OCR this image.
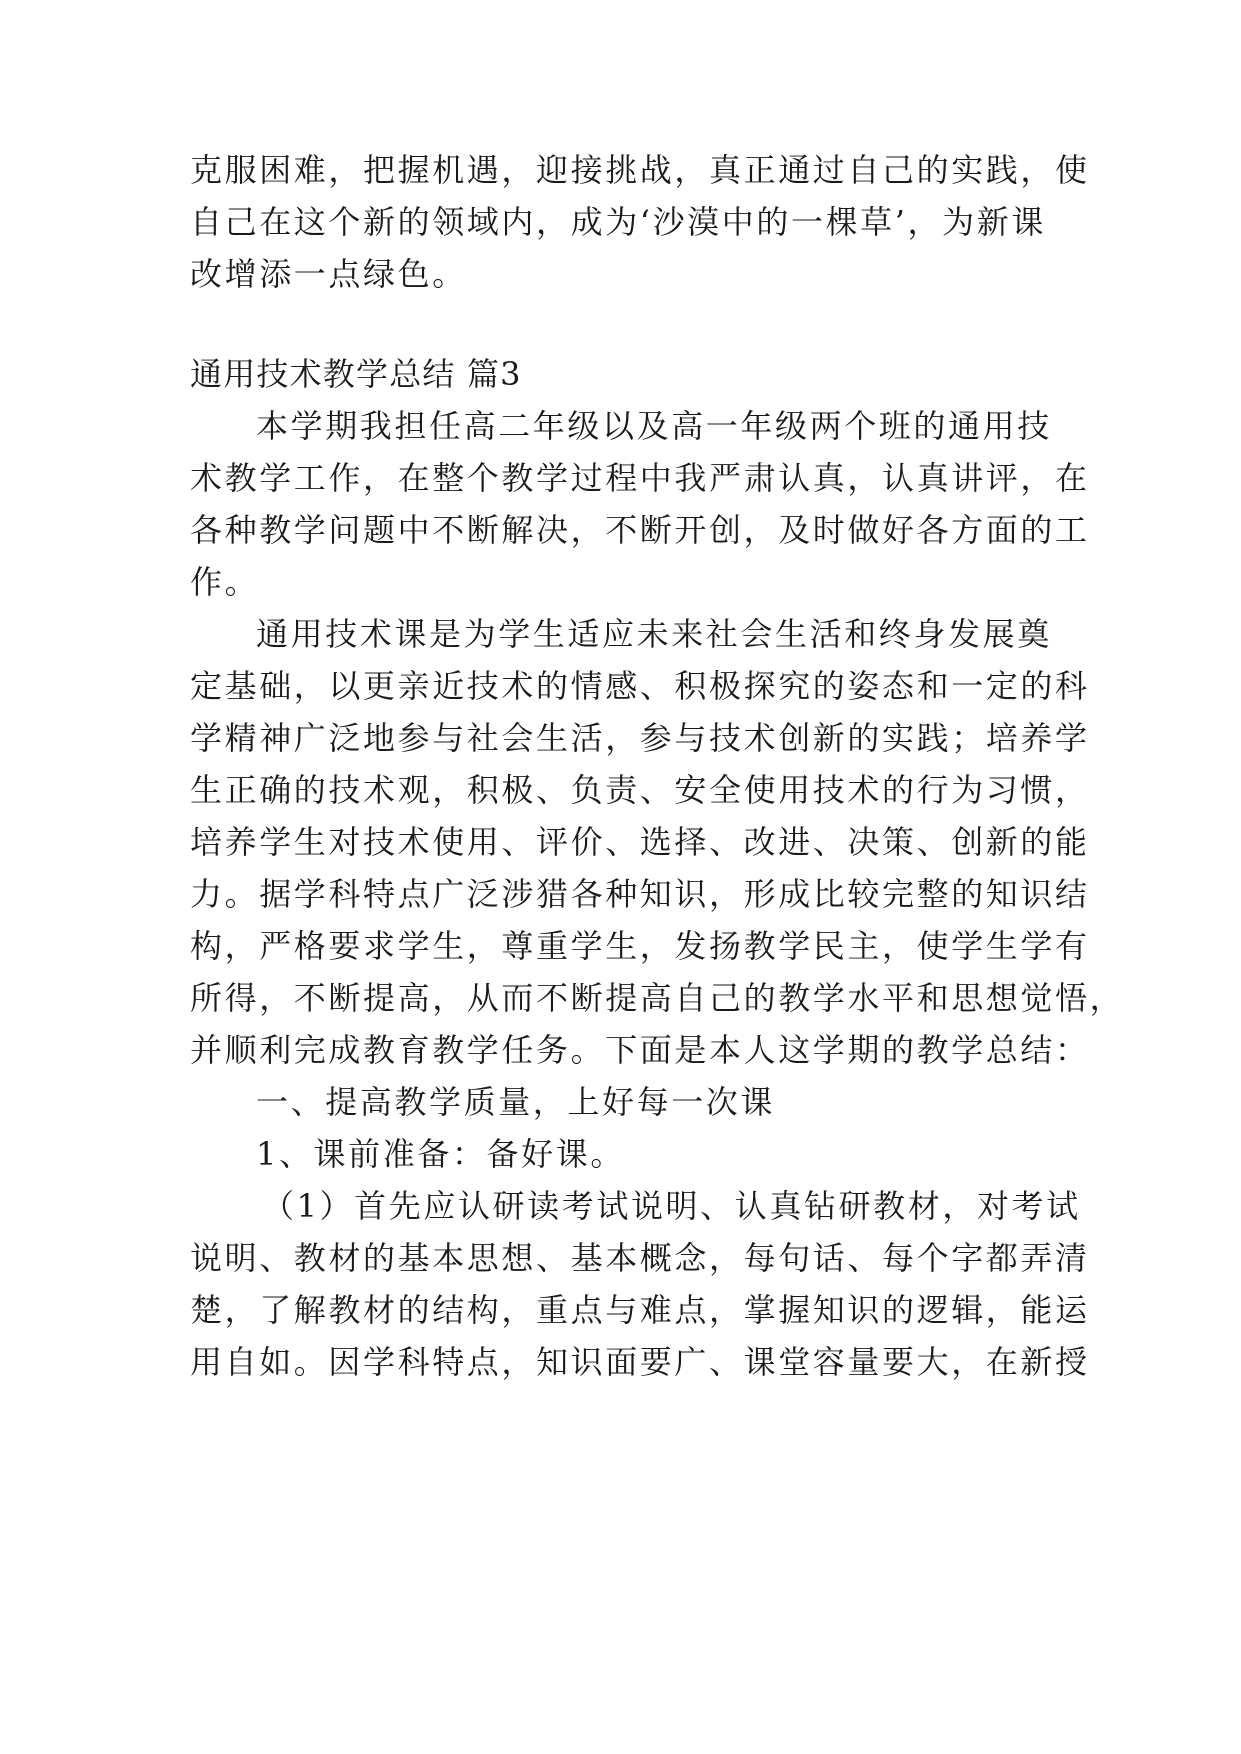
克服困难，把握机遇，迎接挑战，真正通过自己的实践，使
自己在这个新的领域内，成为‘沙漠中的一棵草’，为新课
改增添一点绿色。
通用技术教学总结 篇3
本学期我担任高二年级以及高一年级两个班的通用技
术教学工作，在整个教学过程中我严肃认真，认真讲评，在
各种教学问题中不断解决，不断开创，及时做好各方面的工
作。
通用技术课是为学生适应未来社会生活和终身发展奠
定基础，以更亲近技术的情感、积极探究的姿态和一定的科
学精神广泛地参与社会生活，参与技术创新的实践；培养学
生正确的技术观，积极、负责、安全使用技术的行为习惯，
培养学生对技术使用、评价、选择、改进、决策、创新的能
力。据学科特点广泛涉猎各种知识，形成比较完整的知识结
构，严格要求学生，尊重学生，发扬教学民主，使学生学有
所得，不断提高，从而不断提高自己的教学水平和思想觉悟，
并顺利完成教育教学任务。下面是本人这学期的教学总结：
一、提高教学质量，上好每一次课
1、课前准备：备好课。
（1）首先应认研读考试说明、认真钻研教材，对考试
说明、教材的基本思想、基本概念，每句话、每个字都弄清
楚，了解教材的结构，重点与难点，掌握知识的逻辑，能运
用自如。因学科特点，知识面要广、课堂容量要大，在新授
